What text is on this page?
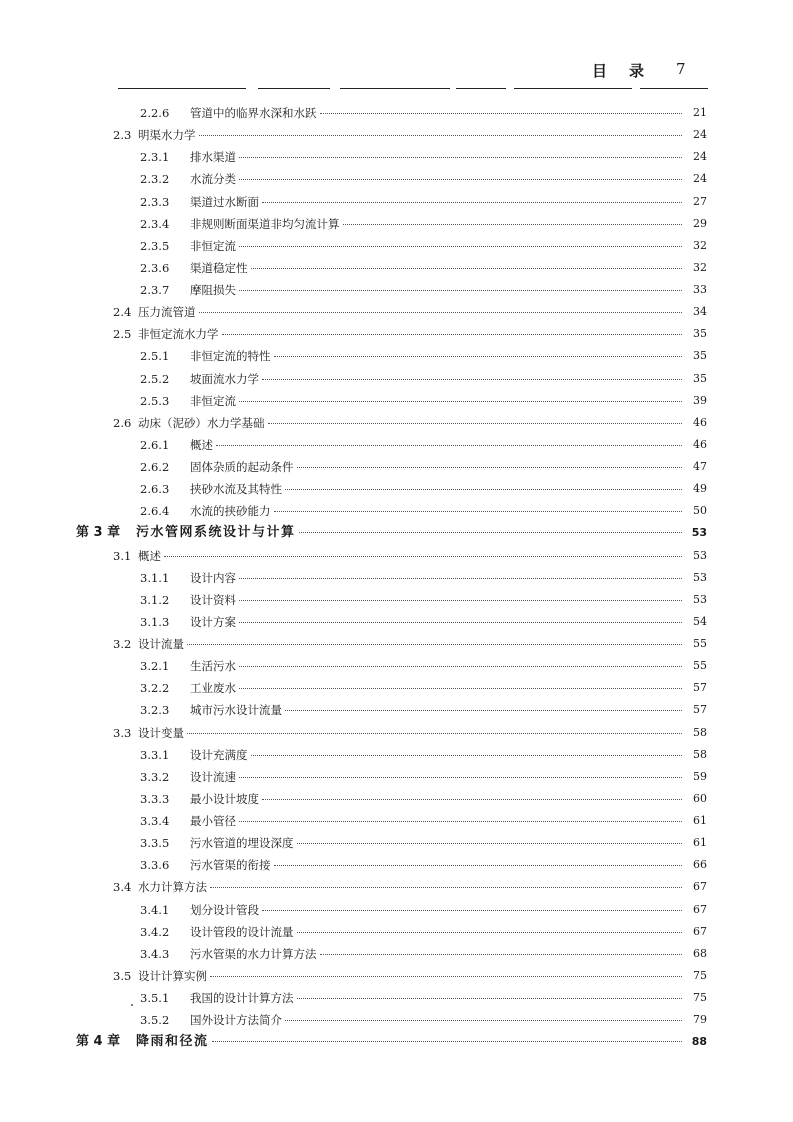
目录 7
2.2.6	管道中的临界水深和水跃	21
2.3 明渠水力学	24
2.3.1	排水渠道	24
2.3.2	水流分类	24
2.3.3	渠道过水断面	27
2.3.4	非规则断面渠道非均匀流计算	29
2.3.5	非恒定流	32
2.3.6	渠道稳定性	32
2.3.7	摩阻损失	33
2.4 压力流管道	34
2.5 非恒定流水力学	35
2.5.1	非恒定流的特性	35
2.5.2	坡面流水力学	35
2.5.3	非恒定流	39
2.6 动床（泥砂）水力学基础	46
2.6.1	概述	46
2.6.2	固体杂质的起动条件	47
2.6.3	挟砂水流及其特性	49
2.6.4	水流的挟砂能力	50
第 3 章	污水管网系统设计与计算	53
3.1 概述	53
3.1.1	设计内容	53
3.1.2	设计资料	53
3.1.3	设计方案	54
3.2 设计流量	55
3.2.1	生活污水	55
3.2.2	工业废水	57
3.2.3	城市污水设计流量	57
3.3 设计变量	58
3.3.1	设计充满度	58
3.3.2	设计流速	59
3.3.3	最小设计坡度	60
3.3.4	最小管径	61
3.3.5	污水管道的埋设深度	61
3.3.6	污水管渠的衔接	66
3.4 水力计算方法	67
3.4.1	划分设计管段	67
3.4.2	设计管段的设计流量	67
3.4.3	污水管渠的水力计算方法	68
3.5 设计计算实例	75
3.5.1	我国的设计计算方法	75
3.5.2	国外设计方法简介	79
第 4 章	降雨和径流	88
